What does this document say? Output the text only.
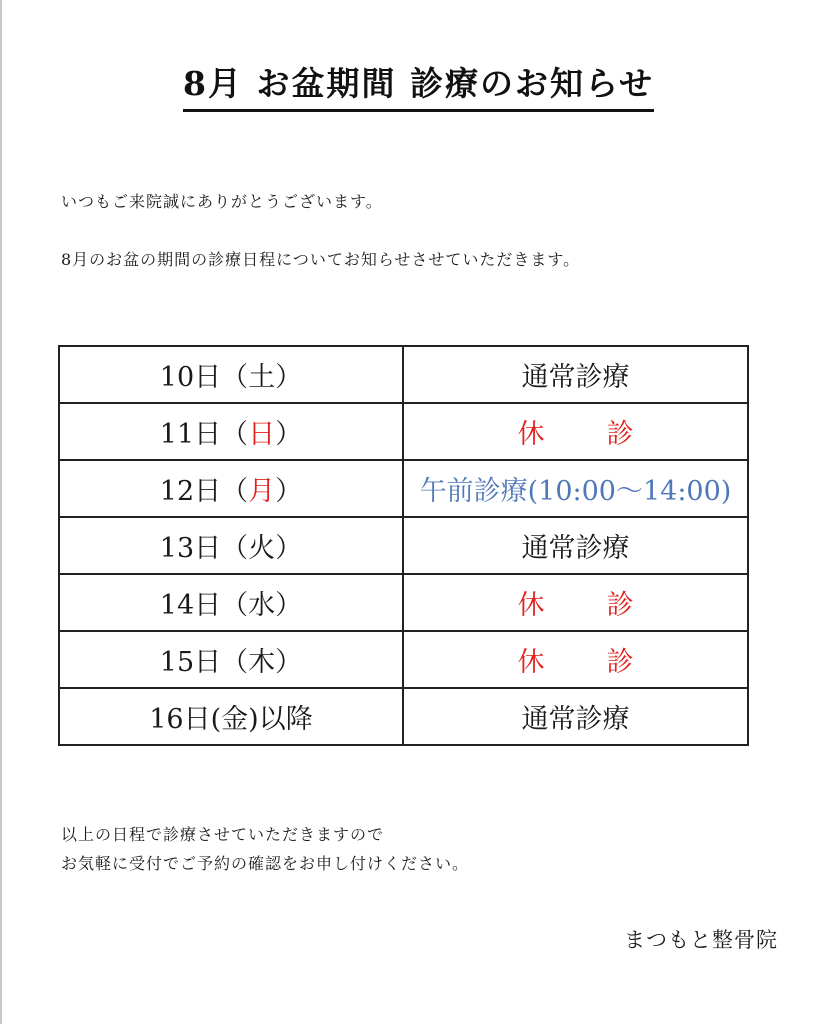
8月 お盆期間 診療のお知らせ
いつもご来院誠にありがとうございます。
8月のお盆の期間の診療日程についてお知らせさせていただきます。
10日（土）	通常診療
11日（日）	休 診
12日（月）	午前診療(10:00～14:00)
13日（火）	通常診療
14日（水）	休 診
15日（木）	休 診
16日(金)以降	通常診療
以上の日程で診療させていただきますので
お気軽に受付でご予約の確認をお申し付けください。
まつもと整骨院
